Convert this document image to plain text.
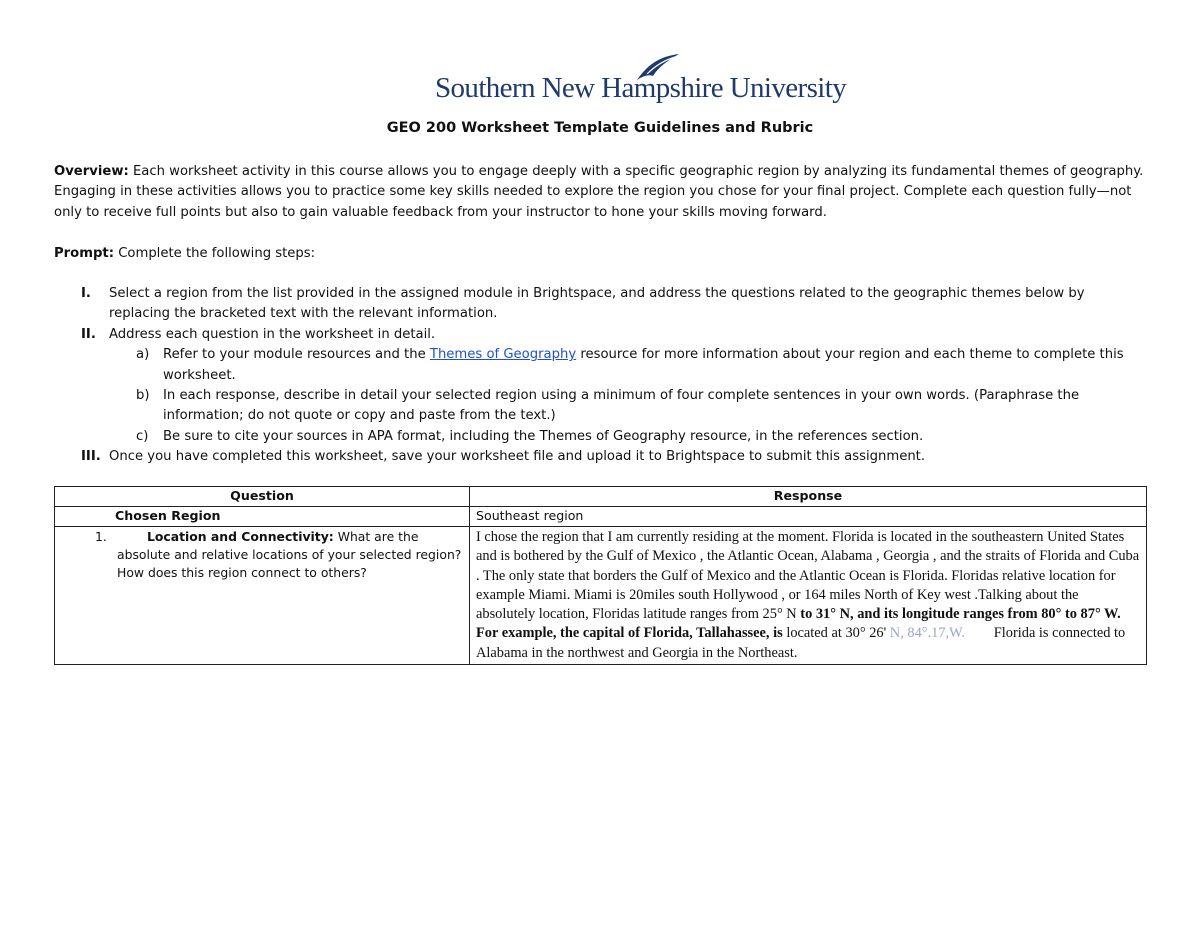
Southern New Hampshire University
GEO 200 Worksheet Template Guidelines and Rubric
Overview: Each worksheet activity in this course allows you to engage deeply with a specific geographic region by analyzing its fundamental themes of geography. Engaging in these activities allows you to practice some key skills needed to explore the region you chose for your final project. Complete each question fully—not only to receive full points but also to gain valuable feedback from your instructor to hone your skills moving forward.
Prompt: Complete the following steps:
I. Select a region from the list provided in the assigned module in Brightspace, and address the questions related to the geographic themes below by replacing the bracketed text with the relevant information.
II. Address each question in the worksheet in detail.
a) Refer to your module resources and the Themes of Geography resource for more information about your region and each theme to complete this worksheet.
b) In each response, describe in detail your selected region using a minimum of four complete sentences in your own words. (Paraphrase the information; do not quote or copy and paste from the text.)
c) Be sure to cite your sources in APA format, including the Themes of Geography resource, in the references section.
III. Once you have completed this worksheet, save your worksheet file and upload it to Brightspace to submit this assignment.
Question	Response
Chosen Region	Southeast region

1. Location and Connectivity: What are the absolute and relative locations of your selected region? How does this region connect to others?	I chose the region that I am currently residing at the moment. Florida is located in the southeastern United States and is bothered by the Gulf of Mexico , the Atlantic Ocean, Alabama , Georgia , and the straits of Florida and Cuba . The only state that borders the Gulf of Mexico and the Atlantic Ocean is Florida. Floridas relative location for example Miami. Miami is 20miles south Hollywood , or 164 miles North of Key west .Talking about the absolutely location, Floridas latitude ranges from 25° N to 31° N, and its longitude ranges from 80° to 87° W. For example, the capital of Florida, Tallahassee, is located at 30° 26' N, 84°.17,W.        Florida is connected to Alabama in the northwest and Georgia in the Northeast.
